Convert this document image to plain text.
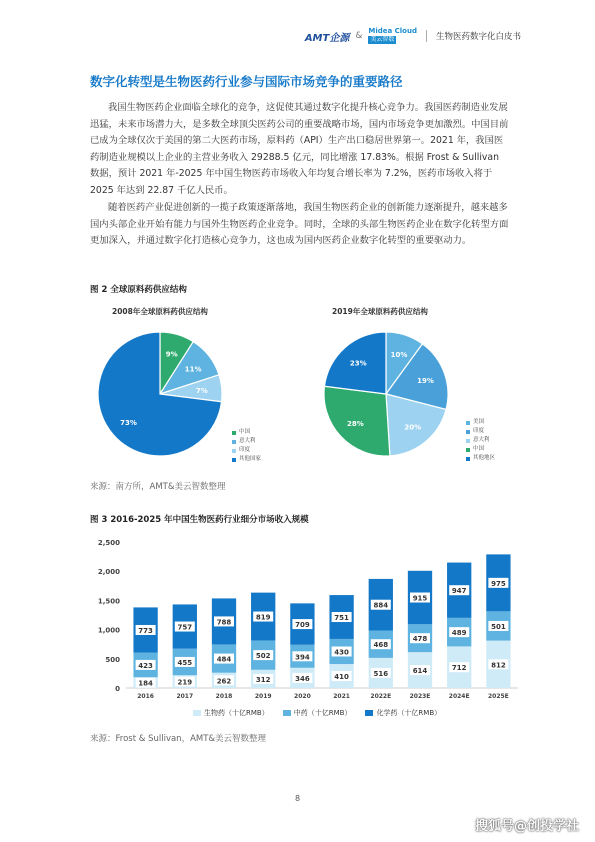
AMT企源 & Midea Cloud
美云智数	生物医药数字化白皮书
数字化转型是生物医药行业参与国际市场竞争的重要路径
我国生物医药企业面临全球化的竞争，这促使其通过数字化提升核心竞争力。我国医药制造业发展迅猛，未来市场潜力大，是多数全球顶尖医药公司的重要战略市场，国内市场竞争更加激烈。中国目前已成为全球仅次于美国的第二大医药市场，原料药（API）生产出口稳居世界第一。2021 年，我国医药制造业规模以上企业的主营业务收入 29288.5 亿元，同比增涨 17.83%。根据 Frost & Sullivan 数据，预计 2021 年-2025 年中国生物医药市场收入年均复合增长率为 7.2%，医药市场收入将于 2025 年达到 22.87 千亿人民币。
随着医药产业促进创新的一揽子政策逐渐落地，我国生物医药企业的创新能力逐渐提升，越来越多国内头部企业开始有能力与国外生物医药企业竞争。同时，全球的头部生物医药企业在数字化转型方面更加深入，并通过数字化打造核心竞争力，这也成为国内医药企业数字化转型的重要驱动力。
图 2 全球原料药供应结构
2008年全球原料药供应结构	2019年全球原料药供应结构
9%
11%
7%
73%
10%
19%
20%
28%
23%
中国
意大利
印度
其他国家
美国
印度
意大利
中国
其他地区
来源：南方所，AMT&美云智数整理
图 3 2016-2025 年中国生物医药行业细分市场收入规模
0
500
1,000
1,500
2,000
2,500
184
423
773
2016
219
455
757
2017
262
484
788
2018
312
502
819
2019
346
394
709
2020
410
430
751
2021
516
468
884
2022E
614
478
915
2023E
712
489
947
2024E
812
501
975
2025E
生物药（十亿RMB）	中药（十亿RMB）	化学药（十亿RMB）
来源：Frost & Sullivan，AMT&美云智数整理
8
搜狐号@创投学社
